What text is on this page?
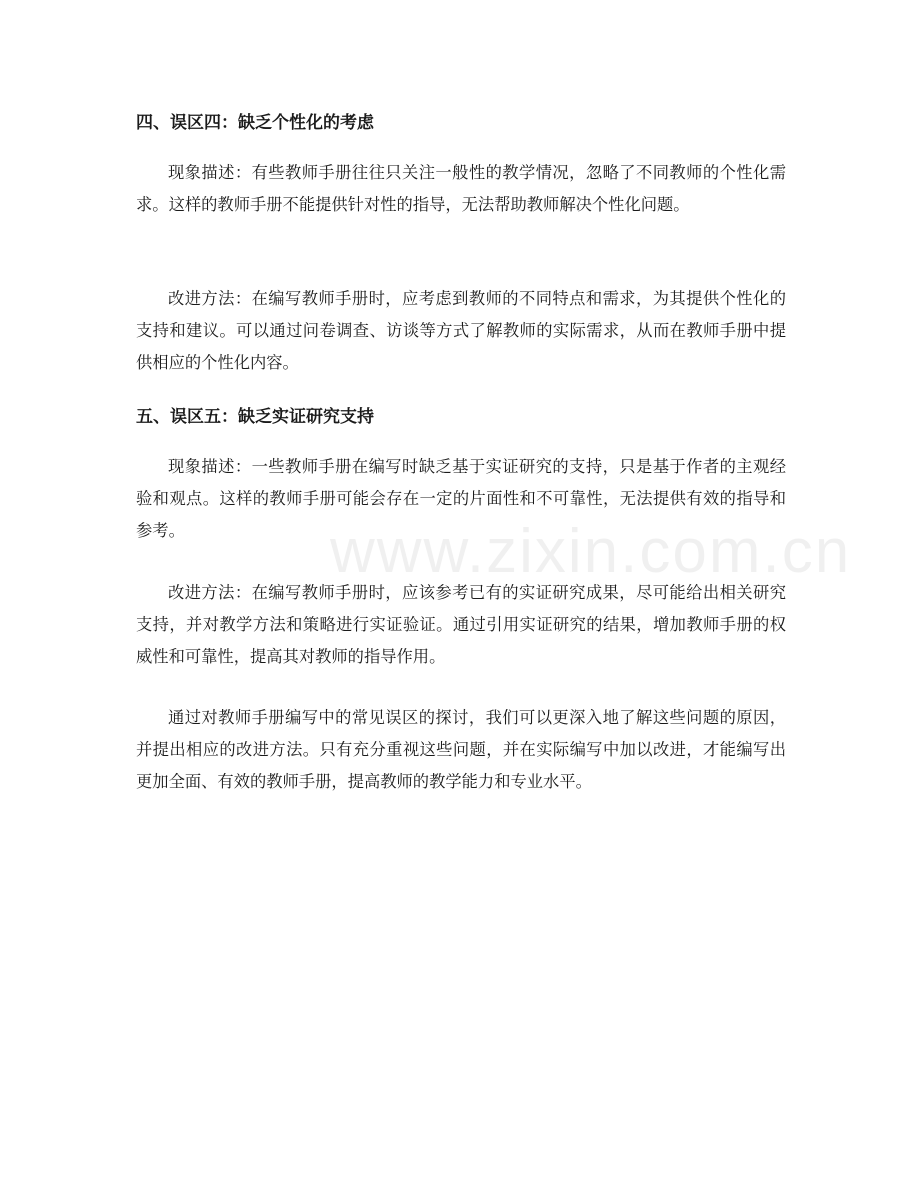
www.zixin.com.cn
四、误区四：缺乏个性化的考虑

现象描述：有些教师手册往往只关注一般性的教学情况，忽略了不同教师的个性化需求。这样的教师手册不能提供针对性的指导，无法帮助教师解决个性化问题。

改进方法：在编写教师手册时，应考虑到教师的不同特点和需求，为其提供个性化的支持和建议。可以通过问卷调查、访谈等方式了解教师的实际需求，从而在教师手册中提供相应的个性化内容。

五、误区五：缺乏实证研究支持

现象描述：一些教师手册在编写时缺乏基于实证研究的支持，只是基于作者的主观经验和观点。这样的教师手册可能会存在一定的片面性和不可靠性，无法提供有效的指导和参考。

改进方法：在编写教师手册时，应该参考已有的实证研究成果，尽可能给出相关研究支持，并对教学方法和策略进行实证验证。通过引用实证研究的结果，增加教师手册的权威性和可靠性，提高其对教师的指导作用。

通过对教师手册编写中的常见误区的探讨，我们可以更深入地了解这些问题的原因，并提出相应的改进方法。只有充分重视这些问题，并在实际编写中加以改进，才能编写出更加全面、有效的教师手册，提高教师的教学能力和专业水平。
